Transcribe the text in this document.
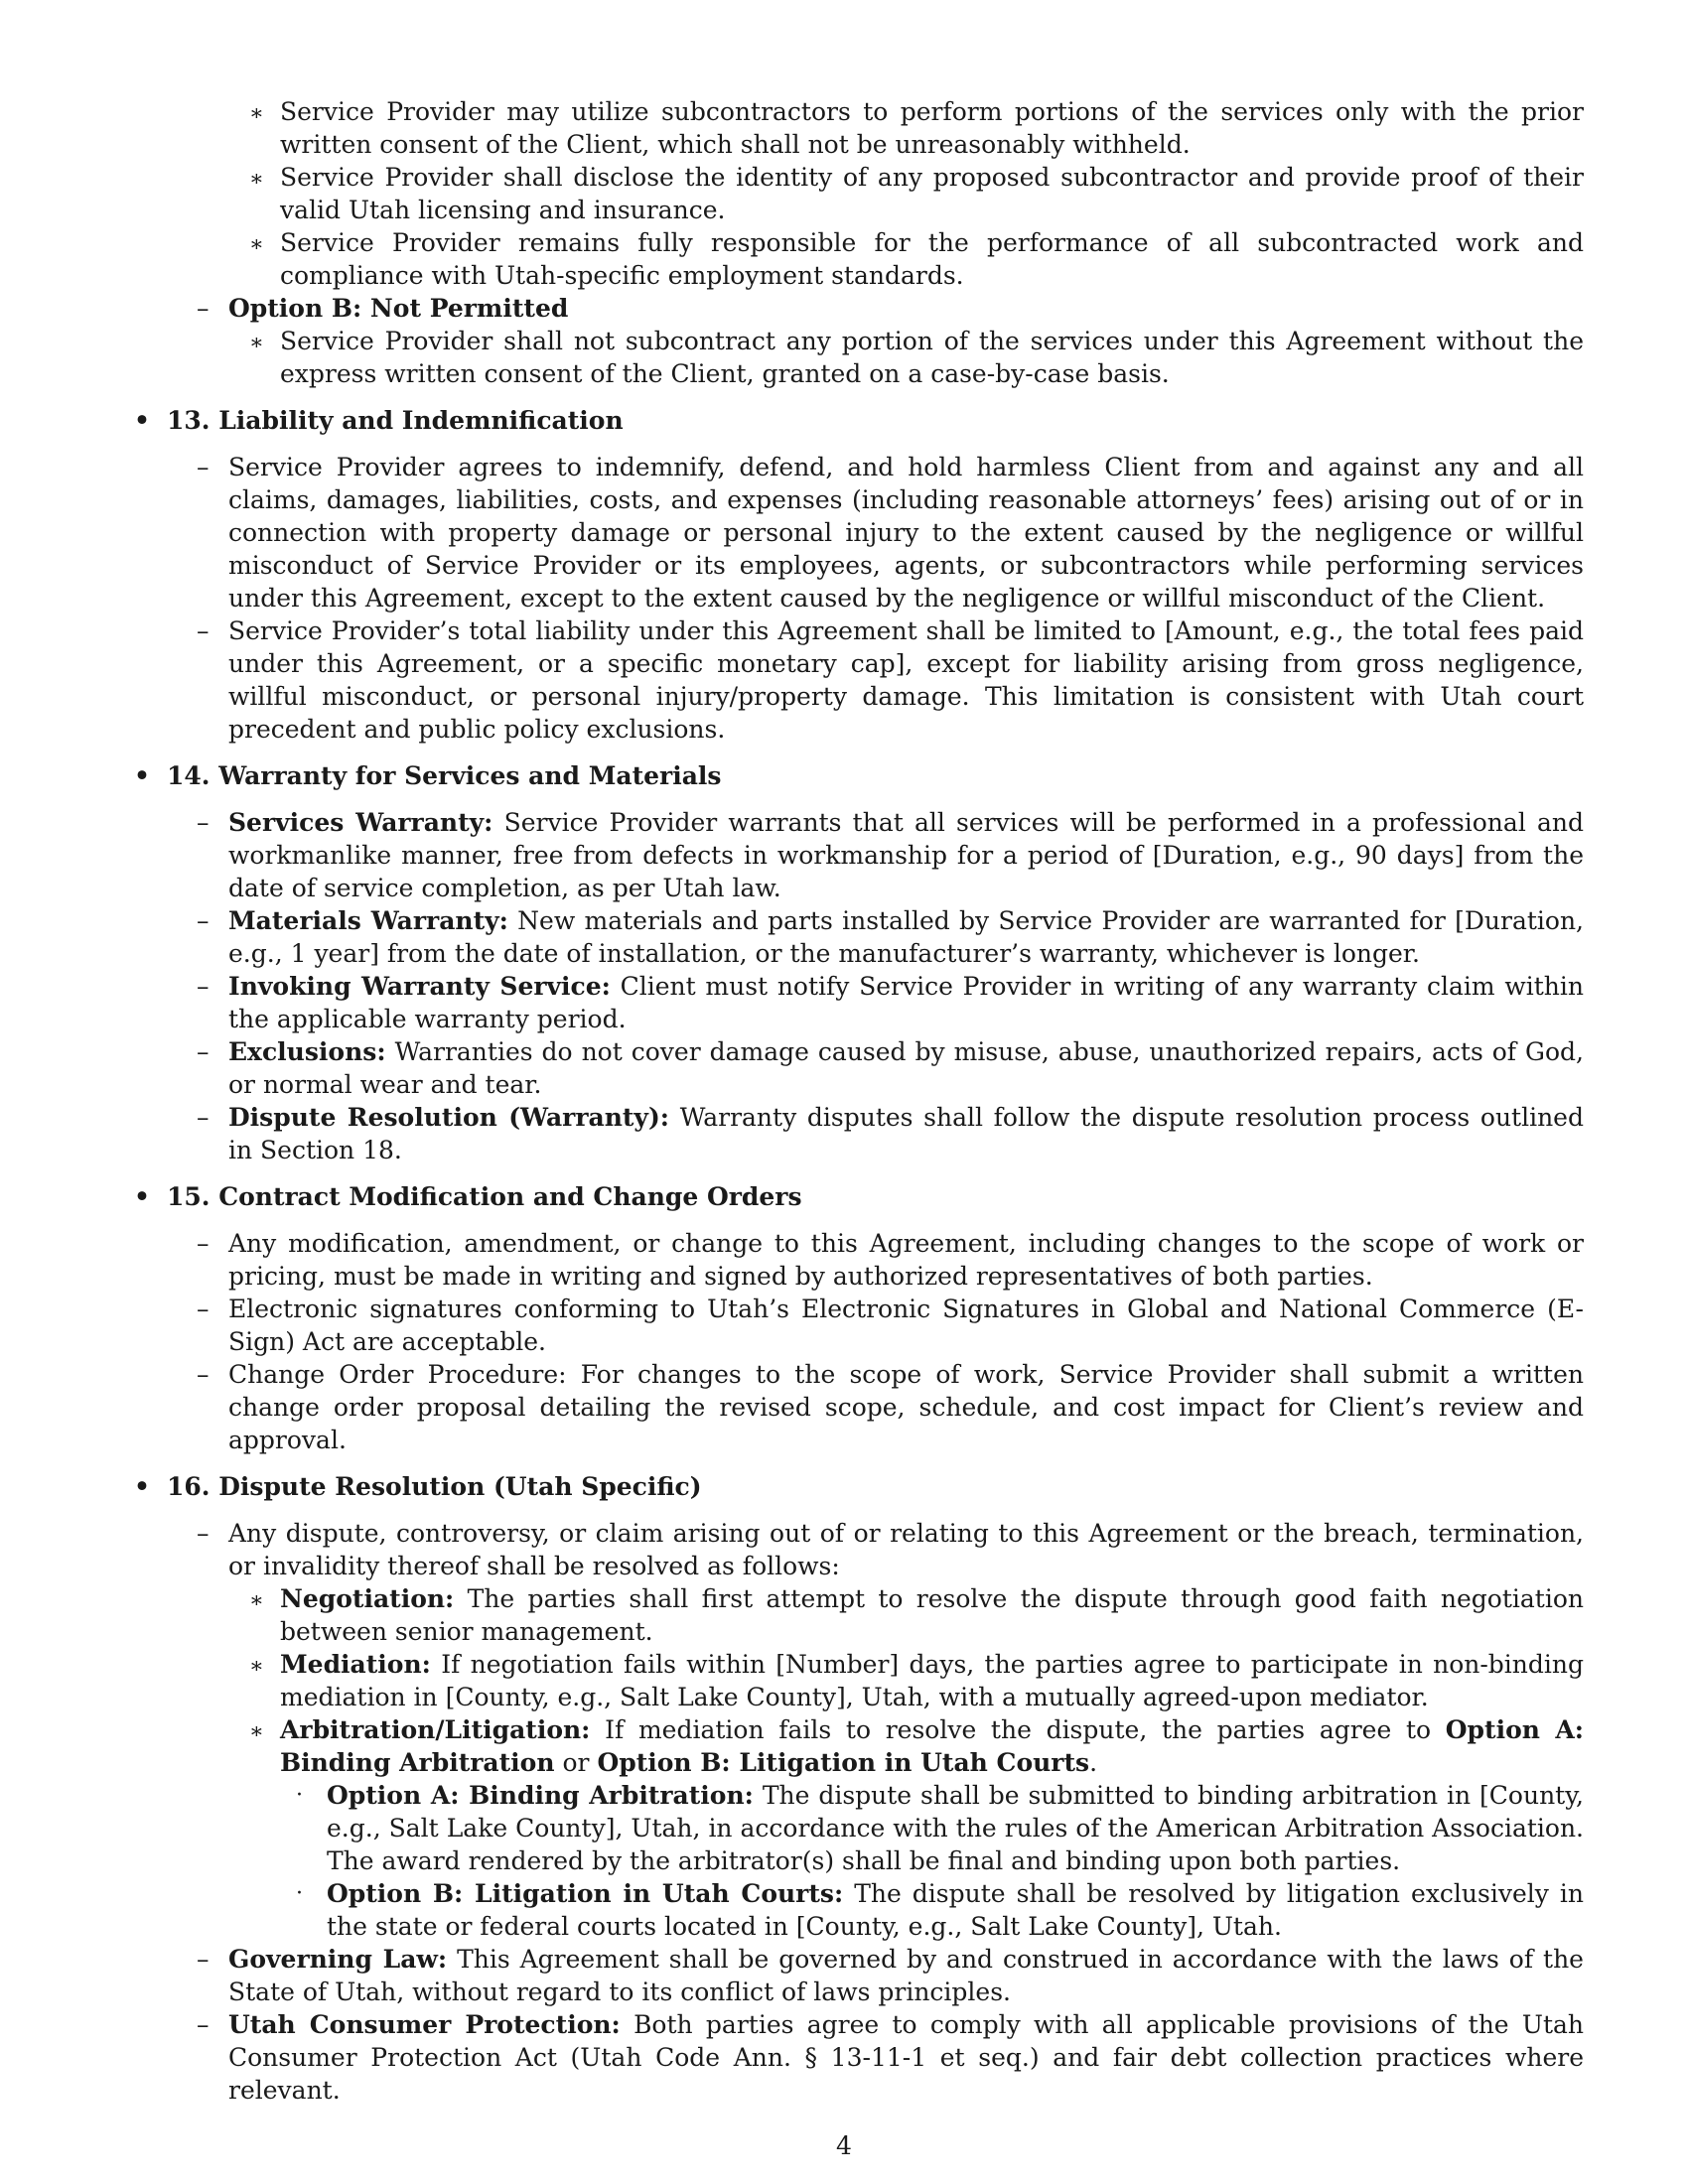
∗ Service Provider may utilize subcontractors to perform portions of the services only with the prior written consent of the Client, which shall not be unreasonably withheld.
∗ Service Provider shall disclose the identity of any proposed subcontractor and provide proof of their valid Utah licensing and insurance.
∗ Service Provider remains fully responsible for the performance of all subcontracted work and compliance with Utah-specific employment standards.
– Option B: Not Permitted
∗ Service Provider shall not subcontract any portion of the services under this Agreement without the express written consent of the Client, granted on a case-by-case basis.
• 13. Liability and Indemnification
– Service Provider agrees to indemnify, defend, and hold harmless Client from and against any and all claims, damages, liabilities, costs, and expenses (including reasonable attorneys’ fees) arising out of or in connection with property damage or personal injury to the extent caused by the negligence or willful misconduct of Service Provider or its employees, agents, or subcontractors while performing services under this Agreement, except to the extent caused by the negligence or willful misconduct of the Client.
– Service Provider’s total liability under this Agreement shall be limited to [Amount, e.g., the total fees paid under this Agreement, or a specific monetary cap], except for liability arising from gross negligence, willful misconduct, or personal injury/property damage. This limitation is consistent with Utah court precedent and public policy exclusions.
• 14. Warranty for Services and Materials
– Services Warranty: Service Provider warrants that all services will be performed in a professional and workmanlike manner, free from defects in workmanship for a period of [Duration, e.g., 90 days] from the date of service completion, as per Utah law.
– Materials Warranty: New materials and parts installed by Service Provider are warranted for [Duration, e.g., 1 year] from the date of installation, or the manufacturer’s warranty, whichever is longer.
– Invoking Warranty Service: Client must notify Service Provider in writing of any warranty claim within the applicable warranty period.
– Exclusions: Warranties do not cover damage caused by misuse, abuse, unauthorized repairs, acts of God, or normal wear and tear.
– Dispute Resolution (Warranty): Warranty disputes shall follow the dispute resolution process outlined in Section 18.
• 15. Contract Modification and Change Orders
– Any modification, amendment, or change to this Agreement, including changes to the scope of work or pricing, must be made in writing and signed by authorized representatives of both parties.
– Electronic signatures conforming to Utah’s Electronic Signatures in Global and National Commerce (E-Sign) Act are acceptable.
– Change Order Procedure: For changes to the scope of work, Service Provider shall submit a written change order proposal detailing the revised scope, schedule, and cost impact for Client’s review and approval.
• 16. Dispute Resolution (Utah Specific)
– Any dispute, controversy, or claim arising out of or relating to this Agreement or the breach, termination, or invalidity thereof shall be resolved as follows:
∗ Negotiation: The parties shall first attempt to resolve the dispute through good faith negotiation between senior management.
∗ Mediation: If negotiation fails within [Number] days, the parties agree to participate in non-binding mediation in [County, e.g., Salt Lake County], Utah, with a mutually agreed-upon mediator.
∗ Arbitration/Litigation: If mediation fails to resolve the dispute, the parties agree to Option A: Binding Arbitration or Option B: Litigation in Utah Courts.
· Option A: Binding Arbitration: The dispute shall be submitted to binding arbitration in [County, e.g., Salt Lake County], Utah, in accordance with the rules of the American Arbitration Association. The award rendered by the arbitrator(s) shall be final and binding upon both parties.
· Option B: Litigation in Utah Courts: The dispute shall be resolved by litigation exclusively in the state or federal courts located in [County, e.g., Salt Lake County], Utah.
– Governing Law: This Agreement shall be governed by and construed in accordance with the laws of the State of Utah, without regard to its conflict of laws principles.
– Utah Consumer Protection: Both parties agree to comply with all applicable provisions of the Utah Consumer Protection Act (Utah Code Ann. § 13-11-1 et seq.) and fair debt collection practices where relevant.
4
